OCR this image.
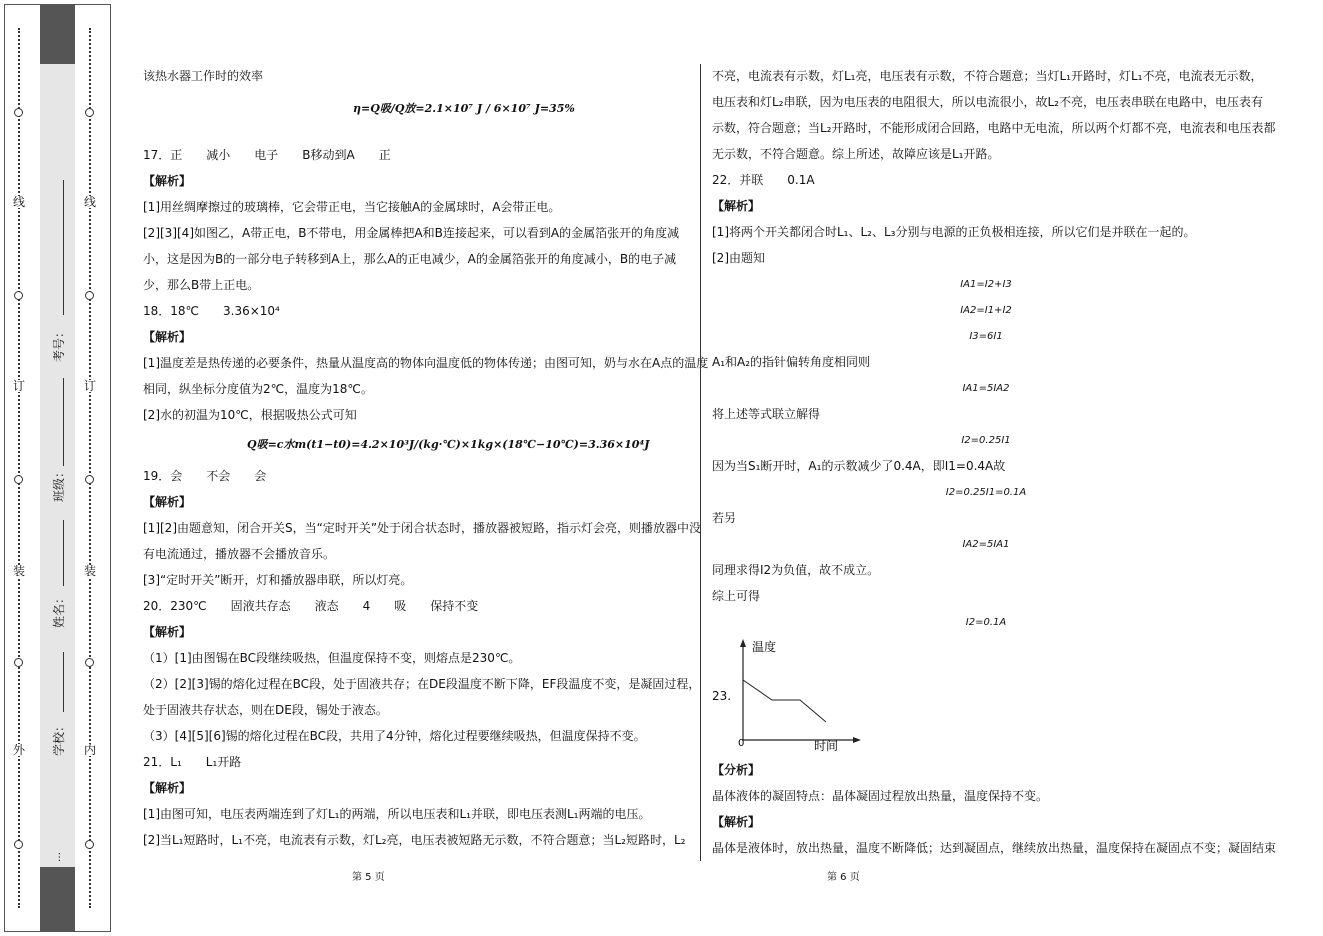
线
订
装
外
线
订
装
内
考号：
班级：
姓名：
学校：
…
该热水器工作时的效率
η=Q吸/Q放=2.1×10⁷ J / 6×10⁷ J=35%
17．正　　减小　　电子　　B移动到A　　正
【解析】
[1]用丝绸摩擦过的玻璃棒，它会带正电，当它接触A的金属球时，A会带正电。
[2][3][4]如图乙，A带正电，B不带电，用金属棒把A和B连接起来，可以看到A的金属箔张开的角度减
小，这是因为B的一部分电子转移到A上，那么A的正电减少，A的金属箔张开的角度减小，B的电子减
少，那么B带上正电。
18．18℃　　3.36×10⁴
【解析】
[1]温度差是热传递的必要条件，热量从温度高的物体向温度低的物体传递；由图可知，奶与水在A点的温度
相同，纵坐标分度值为2℃，温度为18℃。
[2]水的初温为10℃，根据吸热公式可知
Q吸=c水m(t1−t0)=4.2×10³J/(kg·℃)×1kg×(18℃−10℃)=3.36×10⁴J
19．会　　不会　　会
【解析】
[1][2]由题意知，闭合开关S，当“定时开关”处于闭合状态时，播放器被短路，指示灯会亮，则播放器中没
有电流通过，播放器不会播放音乐。
[3]“定时开关”断开，灯和播放器串联，所以灯亮。
20．230℃　　固液共存态　　液态　　4　　吸　　保持不变
【解析】
（1）[1]由图锡在BC段继续吸热，但温度保持不变，则熔点是230℃。
（2）[2][3]锡的熔化过程在BC段，处于固液共存；在DE段温度不断下降，EF段温度不变，是凝固过程，
处于固液共存状态，则在DE段，锡处于液态。
（3）[4][5][6]锡的熔化过程在BC段，共用了4分钟，熔化过程要继续吸热，但温度保持不变。
21．L₁　　L₁开路
【解析】
[1]由图可知，电压表两端连到了灯L₁的两端，所以电压表和L₁并联，即电压表测L₁两端的电压。
[2]当L₁短路时，L₁不亮，电流表有示数，灯L₂亮，电压表被短路无示数，不符合题意；当L₂短路时，L₂
第 5 页
不亮，电流表有示数，灯L₁亮，电压表有示数，不符合题意；当灯L₁开路时，灯L₁不亮，电流表无示数，
电压表和灯L₂串联，因为电压表的电阻很大，所以电流很小，故L₂不亮，电压表串联在电路中，电压表有
示数，符合题意；当L₂开路时，不能形成闭合回路，电路中无电流，所以两个灯都不亮，电流表和电压表都
无示数，不符合题意。综上所述，故障应该是L₁开路。
22．并联　　0.1A
【解析】
[1]将两个开关都闭合时L₁、L₂、L₃分别与电源的正负极相连接，所以它们是并联在一起的。
[2]由题知
IA1=I2+I3
IA2=I1+I2
I3=6I1
A₁和A₂的指针偏转角度相同则
IA1=5IA2
将上述等式联立解得
I2=0.25I1
因为当S₁断开时，A₁的示数减少了0.4A，即I1=0.4A故
I2=0.25I1=0.1A
若另
IA2=5IA1
同理求得I2为负值，故不成立。
综上可得
I2=0.1A
23.
温度
0	时间
【分析】
晶体液体的凝固特点：晶体凝固过程放出热量，温度保持不变。
【解析】
晶体是液体时，放出热量，温度不断降低；达到凝固点，继续放出热量，温度保持在凝固点不变；凝固结束
第 6 页
